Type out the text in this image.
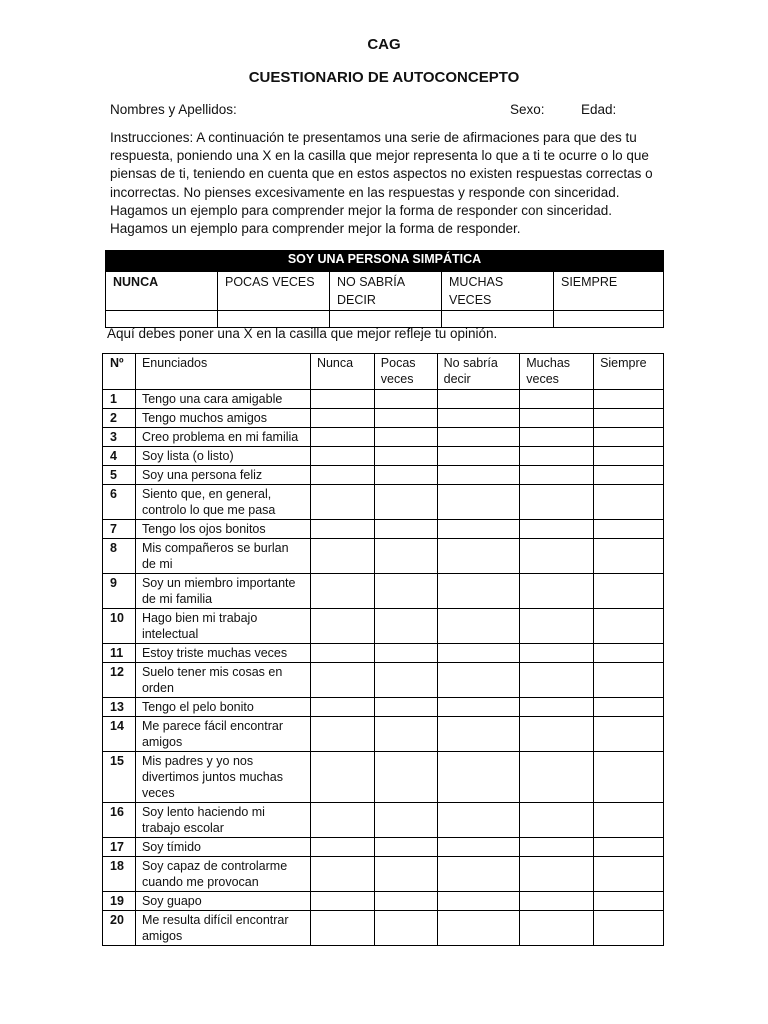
CAG
CUESTIONARIO DE AUTOCONCEPTO
Nombres y Apellidos:	Sexo:	Edad:
Instrucciones: A continuación te presentamos una serie de afirmaciones para que des tu respuesta, poniendo una X en la casilla que mejor representa lo que a ti te ocurre o lo que piensas de ti, teniendo en cuenta que en estos aspectos no existen respuestas correctas o incorrectas. No pienses excesivamente en las respuestas y responde con sinceridad. Hagamos un ejemplo para comprender mejor la forma de responder con sinceridad. Hagamos un ejemplo para comprender mejor la forma de responder.
SOY UNA PERSONA SIMPÁTICA				
NUNCA	POCAS VECES	NO SABRÍA DECIR	MUCHAS VECES	SIEMPRE

Aquí debes poner una X en la casilla que mejor refleje tu opinión.
Nº	Enunciados	Nunca	Pocas veces	No sabría decir	Muchas veces	Siempre
1	Tengo una cara amigable					
2	Tengo muchos amigos					
3	Creo problema en mi familia					
4	Soy lista (o listo)					
5	Soy una persona feliz					
6	Siento que, en general, controlo lo que me pasa					
7	Tengo los ojos bonitos					
8	Mis compañeros se burlan de mi					
9	Soy un miembro importante de mi familia					
10	Hago bien mi trabajo intelectual					
11	Estoy triste muchas veces					
12	Suelo tener mis cosas en orden					
13	Tengo el pelo bonito					
14	Me parece fácil encontrar amigos					
15	Mis padres y yo nos divertimos juntos muchas veces					
16	Soy lento haciendo mi trabajo escolar					
17	Soy tímido					
18	Soy capaz de controlarme cuando me provocan					
19	Soy guapo					
20	Me resulta difícil encontrar amigos					
